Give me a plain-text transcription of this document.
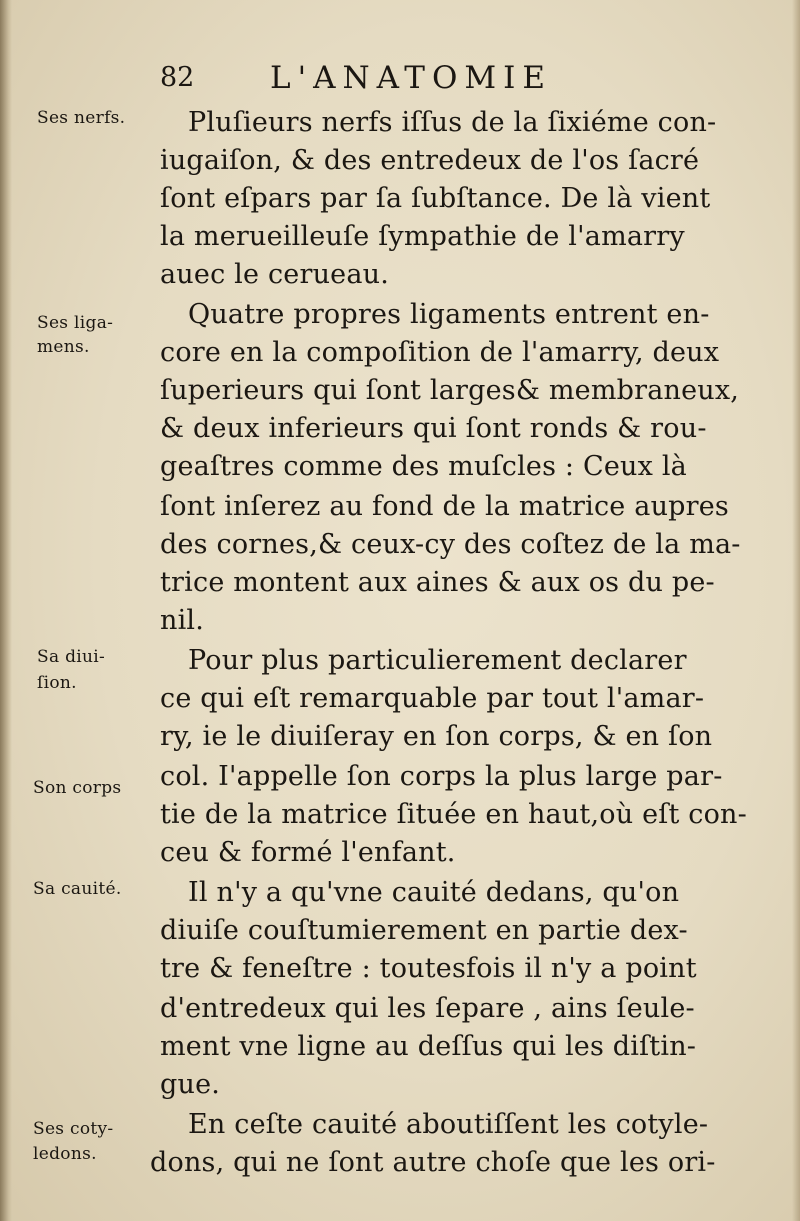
82 L'ANATOMIE
Ses nerfs.
Ses liga-
mens.
Sa diui-
ſion.
Son corps
Sa cauité.
Ses coty-
ledons.
Pluſieurs nerfs iſſus de la ſixiéme con-
iugaiſon, & des entredeux de l'os ſacré
ſont eſpars par ſa ſubſtance. De là vient
la merueilleuſe ſympathie de l'amarry
auec le cerueau.
Quatre propres ligaments entrent en-
core en la compoſition de l'amarry, deux
ſuperieurs qui ſont larges& membraneux,
& deux inferieurs qui ſont ronds & rou-
geaſtres comme des muſcles : Ceux là
ſont inſerez au fond de la matrice aupres
des cornes,& ceux-cy des coſtez de la ma-
trice montent aux aines & aux os du pe-
nil.
Pour plus particulierement declarer
ce qui eſt remarquable par tout l'amar-
ry, ie le diuiſeray en ſon corps, & en ſon
col. I'appelle ſon corps la plus large par-
tie de la matrice ſituée en haut,où eſt con-
ceu & formé l'enfant.
Il n'y a qu'vne cauité dedans, qu'on
diuiſe couſtumierement en partie dex-
tre & feneſtre : toutesfois il n'y a point
d'entredeux qui les ſepare , ains ſeule-
ment vne ligne au deſſus qui les diſtin-
gue.
En ceſte cauité aboutiſſent les cotyle-
dons, qui ne ſont autre choſe que les ori-
